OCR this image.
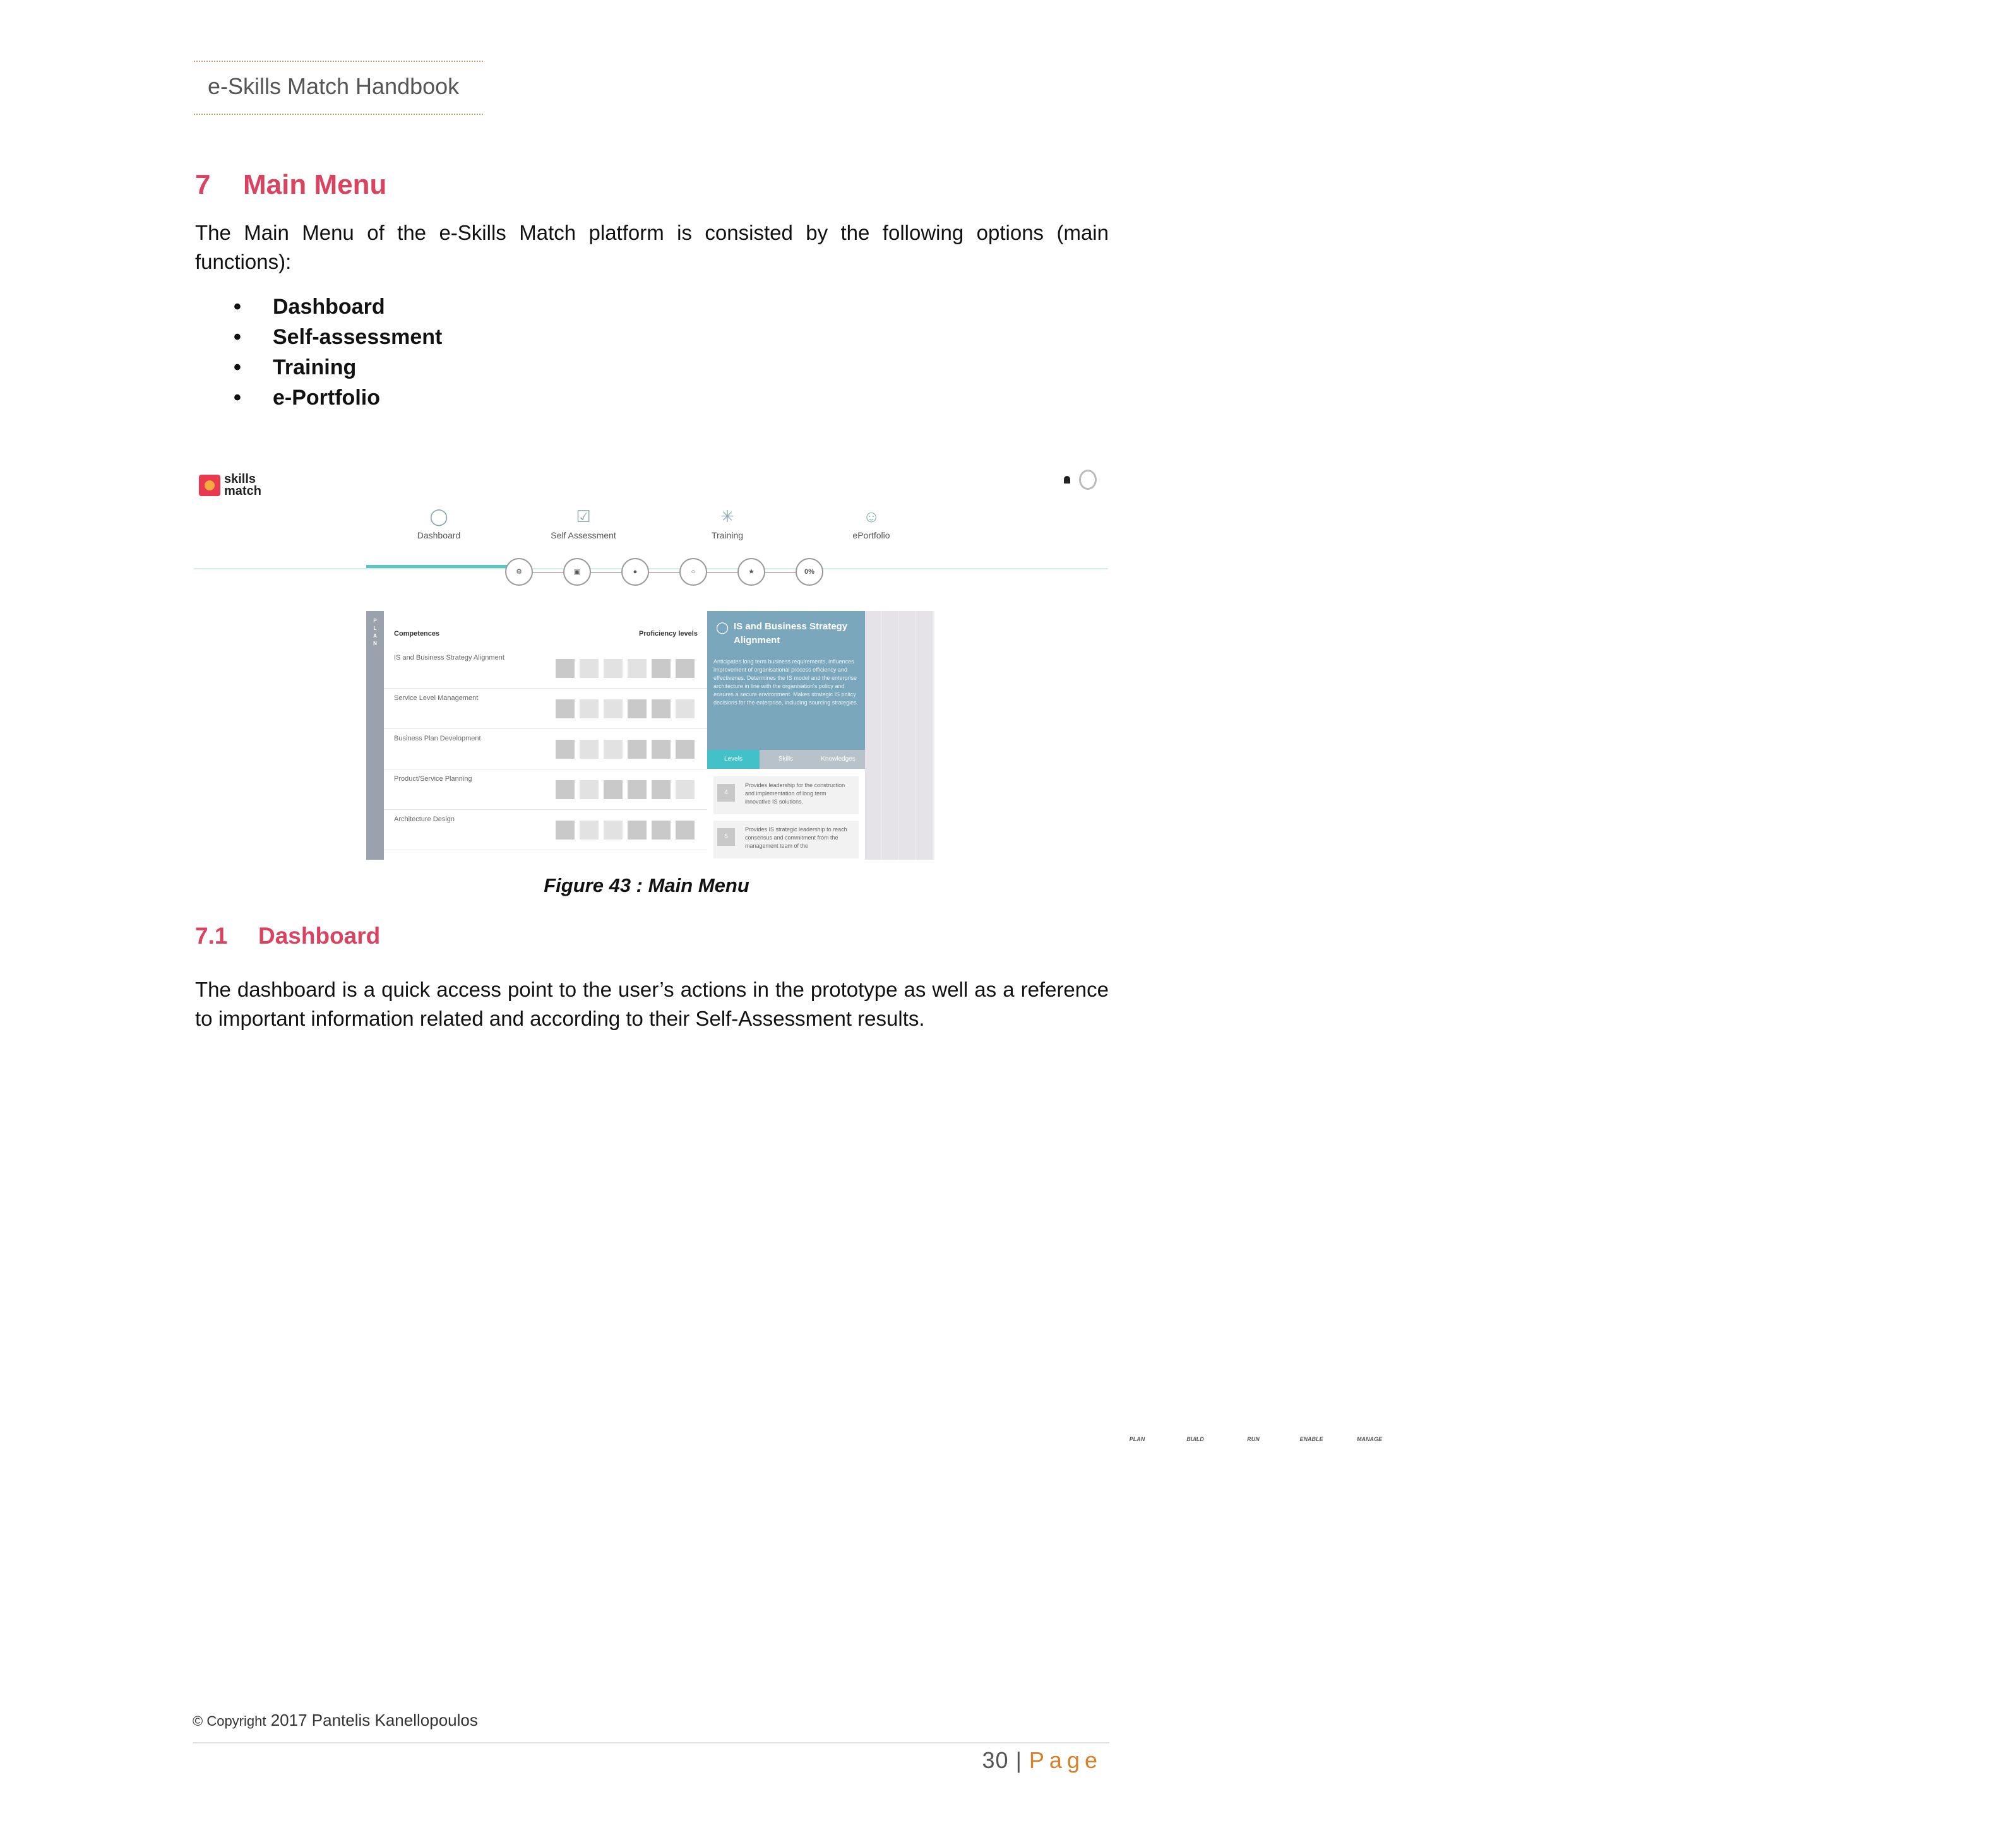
e-Skills Match Handbook
7 Main Menu

The Main Menu of the e-Skills Match platform is consisted by the following options (main functions):

• Dashboard
• Self-assessment
• Training
• e-Portfolio
skills
match

◯
Dashboard
☑
Self Assessment
✳
Training
☺
ePortfolio
⚙
PLAN
▣
BUILD
●
RUN
○
ENABLE
★
MANAGE
0%
P
L
A
N
Competences	Proficiency levels
IS and Business Strategy Alignment
Service Level Management
Business Plan Development
Product/Service Planning
Architecture Design
◯ IS and Business Strategy Alignment
Anticipates long term business requirements, influences improvement of organisational process efficiency and effectivenes. Determines the IS model and the enterprise architecture in line with the organisation's policy and ensures a secure environment. Makes strategic IS policy decisions for the enterprise, including sourcing strategies.
Levels	Skills	Knowledges
4
Provides leadership for the construction and implementation of long term innovative IS solutions.
5
Provides IS strategic leadership to reach consensus and commitment from the management team of the
Figure 43 : Main Menu
7.1 Dashboard

The dashboard is a quick access point to the user’s actions in the prototype as well as a reference to important information related and according to their Self-Assessment results.

© Copyright 2017 Pantelis Kanellopoulos
30 | Page
